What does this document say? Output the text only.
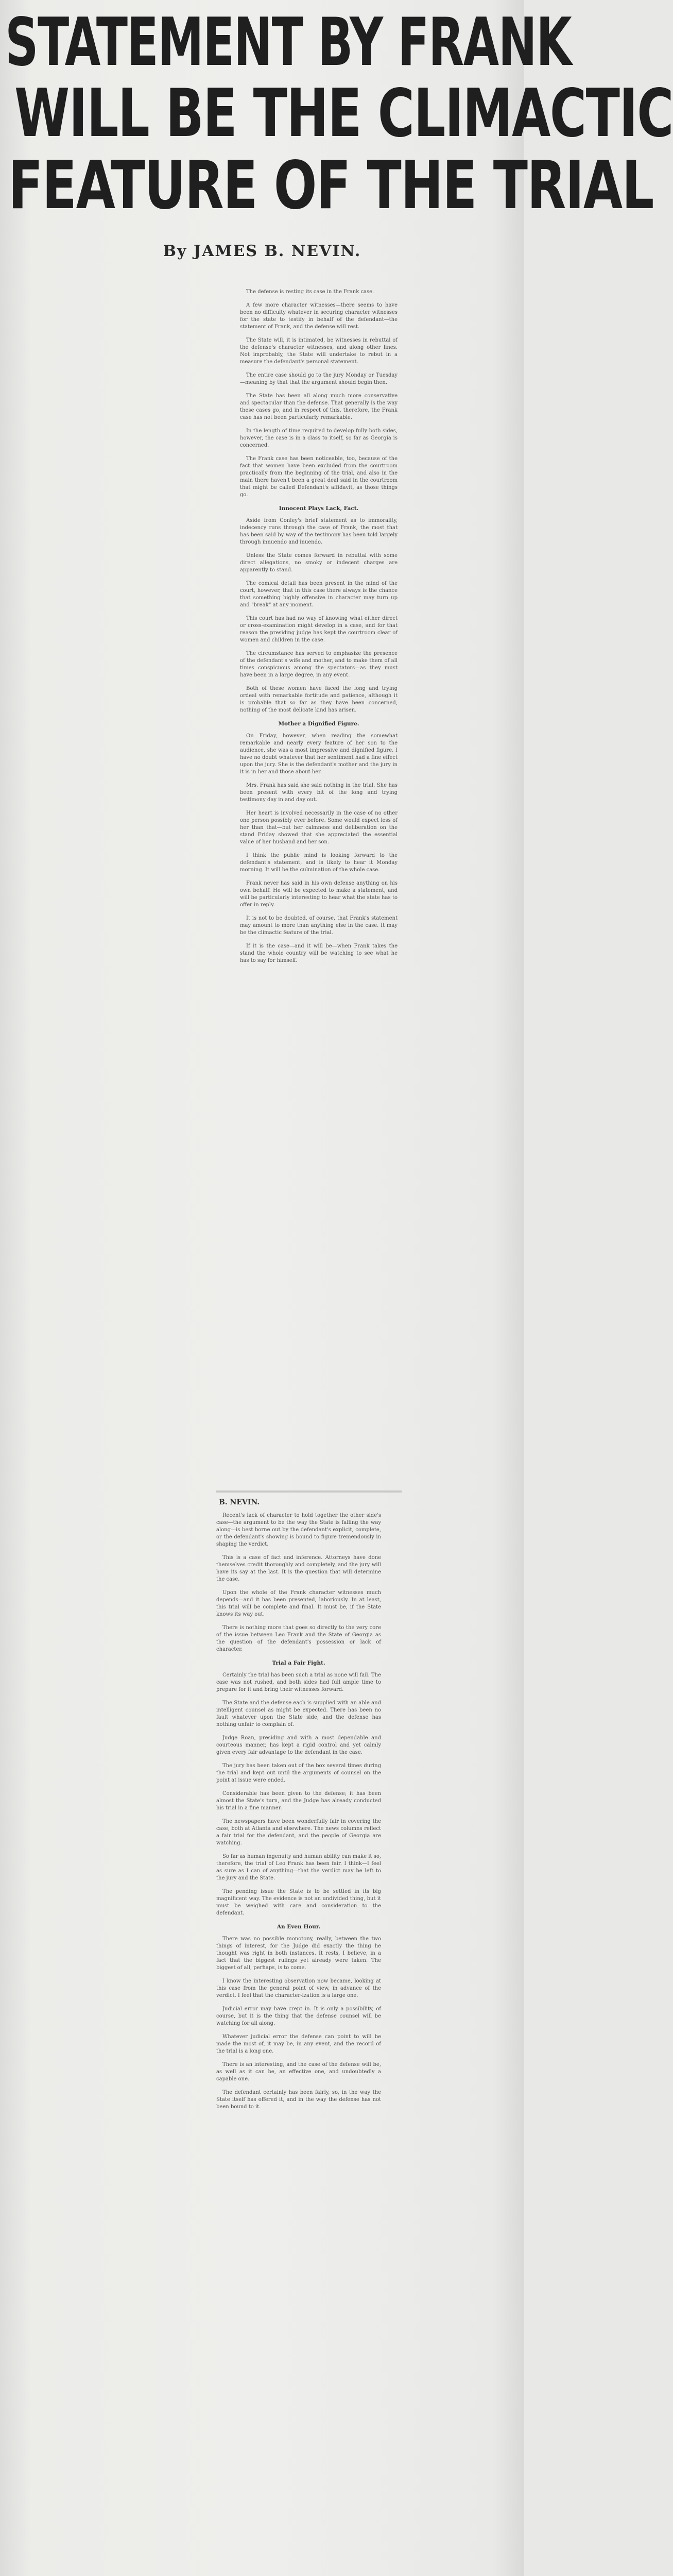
STATEMENT BY FRANK
WILL BE THE CLIMACTIC
FEATURE OF THE TRIAL
By JAMES B. NEVIN.

The defense is resting its case in the Frank case.

A few more character witnesses—there seems to have been no difficulty whatever in securing character witnesses for the state to testify in behalf of the defendant—the statement of Frank, and the defense will rest.

The State will, it is intimated, be witnesses in rebuttal of the defense's character witnesses, and along other lines. Not improbably, the State will undertake to rebut in a measure the defendant's personal statement.

The entire case should go to the jury Monday or Tuesday—meaning by that that the argument should begin then.

The State has been all along much more conservative and spectacular than the defense. That generally is the way these cases go, and in respect of this, therefore, the Frank case has not been particularly remarkable.

In the length of time required to develop fully both sides, however, the case is in a class to itself, so far as Georgia is concerned.

The Frank case has been noticeable, too, because of the fact that women have been excluded from the courtroom practically from the beginning of the trial, and also in the main there haven't been a great deal said in the courtroom that might be called Defendant's affidavit, as those things go.

Innocent Plays Lack, Fact.

Aside from Conley's brief statement as to immorality, indecency runs through the case of Frank, the most that has been said by way of the testimony has been told largely through innuendo and inuendo.

Unless the State comes forward in rebuttal with some direct allegations, no smoky or indecent charges are apparently to stand.

The comical detail has been present in the mind of the court, however, that in this case there always is the chance that something highly offensive in character may turn up and "break" at any moment.

This court has had no way of knowing what either direct or cross-examination might develop in a case, and for that reason the presiding judge has kept the courtroom clear of women and children in the case.

The circumstance has served to emphasize the presence of the defendant's wife and mother, and to make them of all times conspicuous among the spectators—as they must have been in a large degree, in any event.

Both of these women have faced the long and trying ordeal with remarkable fortitude and patience, although it is probable that so far as they have been concerned, nothing of the most delicate kind has arisen.

Mother a Dignified Figure.

On Friday, however, when reading the somewhat remarkable and nearly every feature of her son to the audience, she was a most impressive and dignified figure. I have no doubt whatever that her sentiment had a fine effect upon the jury. She is the defendant's mother and the jury in it is in her and those about her.

Mrs. Frank has said she said nothing in the trial. She has been present with every bit of the long and trying testimony day in and day out.

Her heart is involved necessarily in the case of no other one person possibly ever before. Some would expect less of her than that—but her calmness and deliberation on the stand Friday showed that she appreciated the essential value of her husband and her son.

I think the public mind is looking forward to the defendant's statement, and is likely to hear it Monday morning. It will be the culmination of the whole case.

Frank never has said in his own defense anything on his own behalf. He will be expected to make a statement, and will be particularly interesting to hear what the state has to offer in reply.

It is not to be doubted, of course, that Frank's statement may amount to more than anything else in the case. It may be the climactic feature of the trial.

If it is the case—and it will be—when Frank takes the stand the whole country will be watching to see what he has to say for himself.

B. NEVIN.

Recent's lack of character to hold together the other side's case—the argument to be the way the State is falling the way along—is best borne out by the defendant's explicit, complete, or the defendant's showing is bound to figure tremendously in shaping the verdict.

This is a case of fact and inference. Attorneys have done themselves credit thoroughly and completely, and the jury will have its say at the last. It is the question that will determine the case.

Upon the whole of the Frank character witnesses much depends—and it has been presented, laboriously. In at least, this trial will be complete and final. It must be, if the State knows its way out.

There is nothing more that goes so directly to the very core of the issue between Leo Frank and the State of Georgia as the question of the defendant's possession or lack of character.

Trial a Fair Fight.

Certainly the trial has been such a trial as none will fail. The case was not rushed, and both sides had full ample time to prepare for it and bring their witnesses forward.

The State and the defense each is supplied with an able and intelligent counsel as might be expected. There has been no fault whatever upon the State side, and the defense has nothing unfair to complain of.

Judge Roan, presiding and with a most dependable and courteous manner, has kept a rigid control and yet calmly given every fair advantage to the defendant in the case.

The jury has been taken out of the box several times during the trial and kept out until the arguments of counsel on the point at issue were ended.

Considerable has been given to the defense; it has been almost the State's turn, and the Judge has already conducted his trial in a fine manner.

The newspapers have been wonderfully fair in covering the case, both at Atlanta and elsewhere. The news columns reflect a fair trial for the defendant, and the people of Georgia are watching.

So far as human ingenuity and human ability can make it so, therefore, the trial of Leo Frank has been fair. I think—I feel as sure as I can of anything—that the verdict may be left to the jury and the State.

The pending issue the State is to be settled in its big magnificent way. The evidence is not an undivided thing, but it must be weighed with care and consideration to the defendant.

An Even Hour.

There was no possible monotony, really, between the two things of interest, for the Judge did exactly the thing he thought was right in both instances. It rests, I believe, in a fact that the biggest rulings yet already were taken. The biggest of all, perhaps, is to come.

I know the interesting observation now became, looking at this case from the general point of view, in advance of the verdict. I feel that the character-ization is a large one.

Judicial error may have crept in. It is only a possibility, of course, but it is the thing that the defense counsel will be watching for all along.

Whatever judicial error the defense can point to will be made the most of, it may be, in any event, and the record of the trial is a long one.

There is an interesting, and the case of the defense will be, as well as it can be, an effective one, and undoubtedly a capable one.

The defendant certainly has been fairly, so, in the way the State itself has offered it, and in the way the defense has not been bound to it.
